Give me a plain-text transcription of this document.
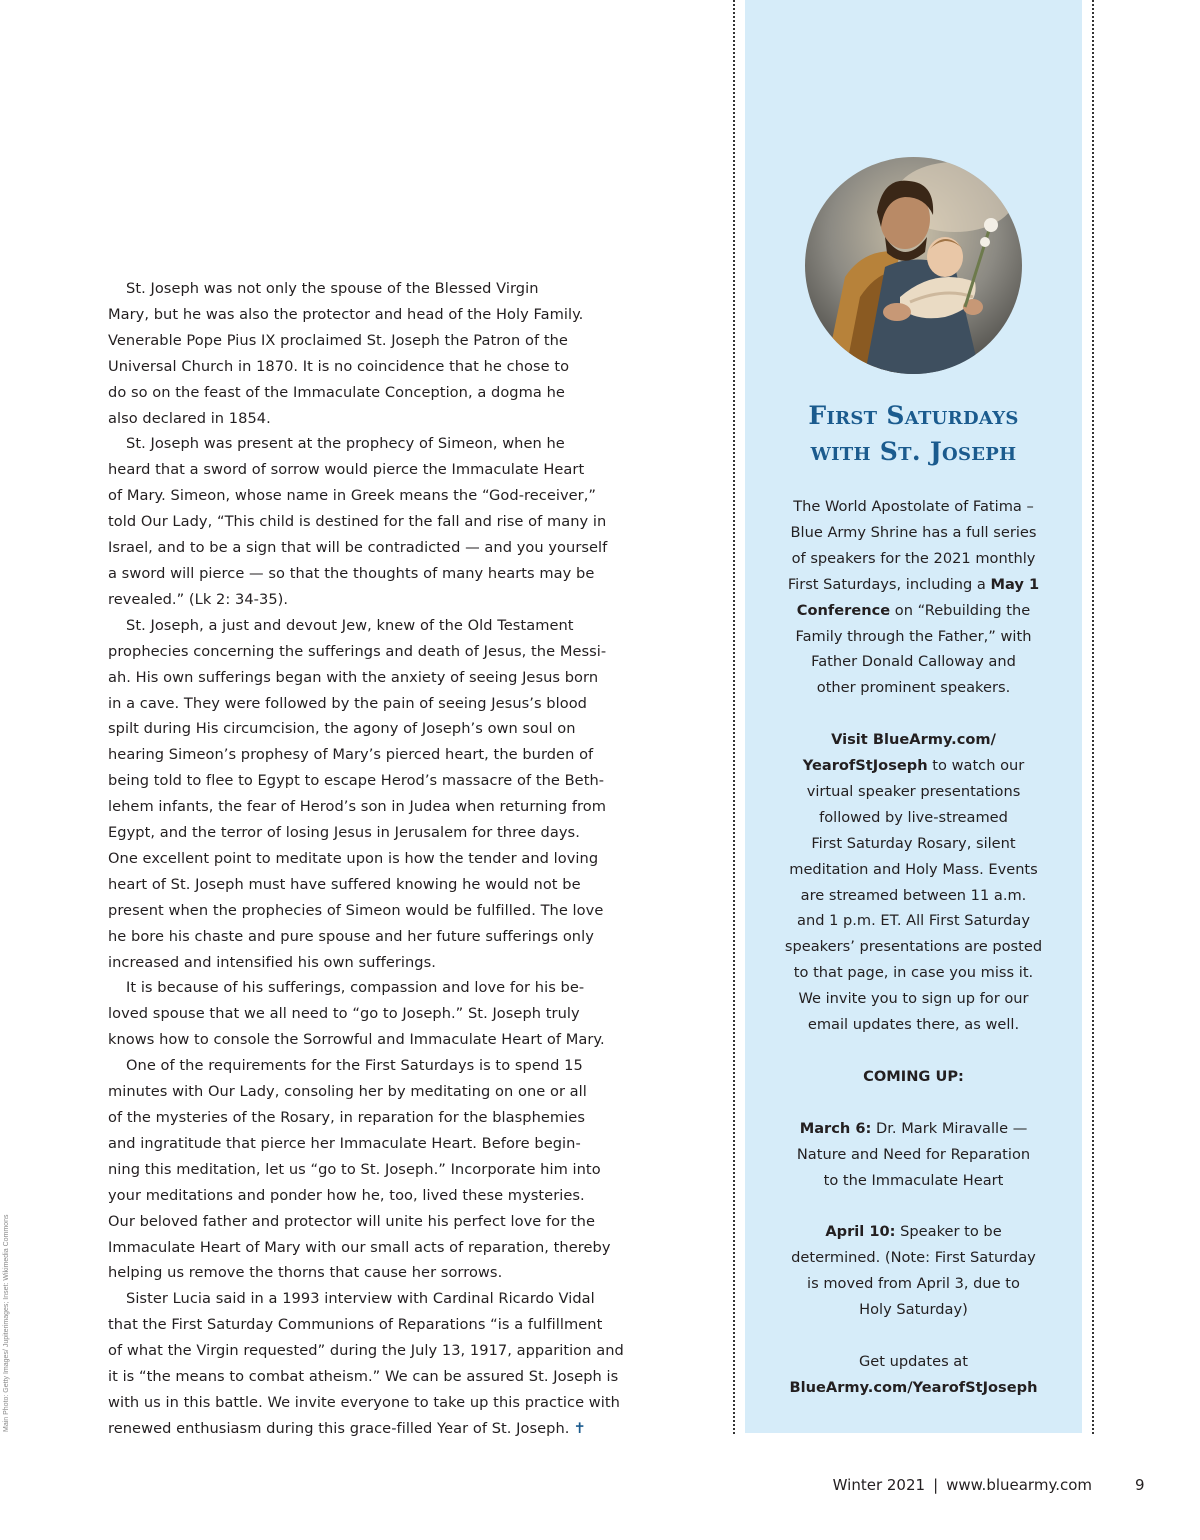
St. Joseph was not only the spouse of the Blessed Virgin
Mary, but he was also the protector and head of the Holy Family.
Venerable Pope Pius IX proclaimed St. Joseph the Patron of the
Universal Church in 1870. It is no coincidence that he chose to
do so on the feast of the Immaculate Conception, a dogma he
also declared in 1854.
St. Joseph was present at the prophecy of Simeon, when he
heard that a sword of sorrow would pierce the Immaculate Heart
of Mary. Simeon, whose name in Greek means the “God-receiver,”
told Our Lady, “This child is destined for the fall and rise of many in
Israel, and to be a sign that will be contradicted — and you yourself
a sword will pierce — so that the thoughts of many hearts may be
revealed.” (Lk 2: 34-35).
St. Joseph, a just and devout Jew, knew of the Old Testament
prophecies concerning the sufferings and death of Jesus, the Messi-
ah. His own sufferings began with the anxiety of seeing Jesus born
in a cave. They were followed by the pain of seeing Jesus’s blood
spilt during His circumcision, the agony of Joseph’s own soul on
hearing Simeon’s prophesy of Mary’s pierced heart, the burden of
being told to flee to Egypt to escape Herod’s massacre of the Beth-
lehem infants, the fear of Herod’s son in Judea when returning from
Egypt, and the terror of losing Jesus in Jerusalem for three days.
One excellent point to meditate upon is how the tender and loving
heart of St. Joseph must have suffered knowing he would not be
present when the prophecies of Simeon would be fulfilled. The love
he bore his chaste and pure spouse and her future sufferings only
increased and intensified his own sufferings.
It is because of his sufferings, compassion and love for his be-
loved spouse that we all need to “go to Joseph.” St. Joseph truly
knows how to console the Sorrowful and Immaculate Heart of Mary.
One of the requirements for the First Saturdays is to spend 15
minutes with Our Lady, consoling her by meditating on one or all
of the mysteries of the Rosary, in reparation for the blasphemies
and ingratitude that pierce her Immaculate Heart. Before begin-
ning this meditation, let us “go to St. Joseph.” Incorporate him into
your meditations and ponder how he, too, lived these mysteries.
Our beloved father and protector will unite his perfect love for the
Immaculate Heart of Mary with our small acts of reparation, thereby
helping us remove the thorns that cause her sorrows.
Sister Lucia said in a 1993 interview with Cardinal Ricardo Vidal
that the First Saturday Communions of Reparations “is a fulfillment
of what the Virgin requested” during the July 13, 1917, apparition and
it is “the means to combat atheism.” We can be assured St. Joseph is
with us in this battle. We invite everyone to take up this practice with
renewed enthusiasm during this grace-filled Year of St. Joseph. ✝
First Saturdays
with St. Joseph
The World Apostolate of Fatima –
Blue Army Shrine has a full series
of speakers for the 2021 monthly
First Saturdays, including a May 1
Conference on “Rebuilding the
Family through the Father,” with
Father Donald Calloway and
other prominent speakers.
Visit BlueArmy.com/
YearofStJoseph to watch our
virtual speaker presentations
followed by live-streamed
First Saturday Rosary, silent
meditation and Holy Mass. Events
are streamed between 11 a.m.
and 1 p.m. ET. All First Saturday
speakers’ presentations are posted
to that page, in case you miss it.
We invite you to sign up for our
email updates there, as well.
COMING UP:
March 6: Dr. Mark Miravalle —
Nature and Need for Reparation
to the Immaculate Heart
April 10: Speaker to be
determined. (Note: First Saturday
is moved from April 3, due to
Holy Saturday)
Get updates at
BlueArmy.com/YearofStJoseph
Main Photo: Getty Images/ Jupiterimages; Inset: Wikimedia Commons
Winter 2021 | www.bluearmy.com	9
